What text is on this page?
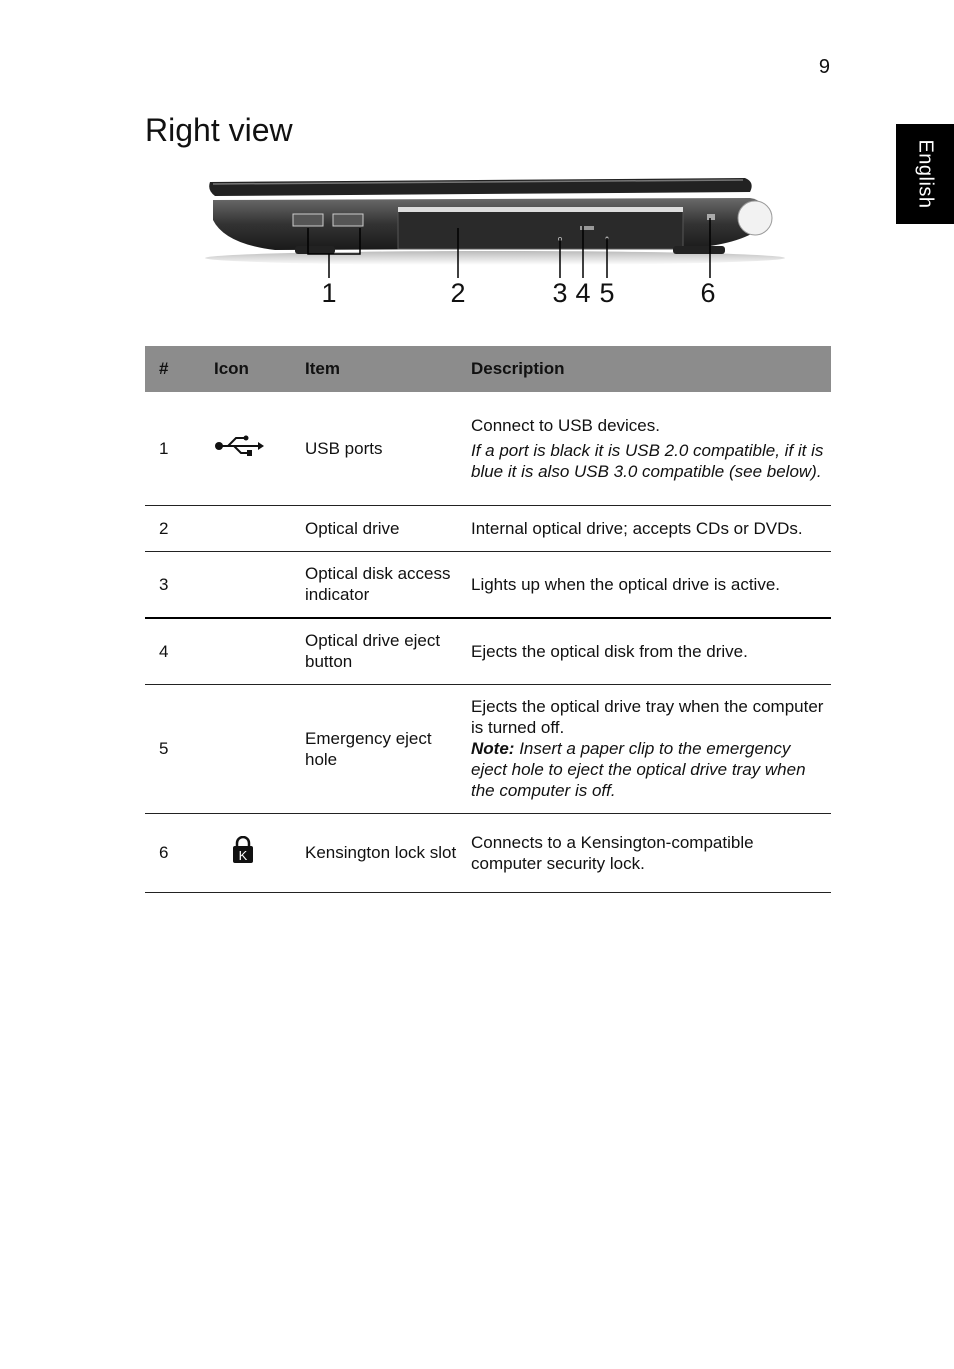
9
English
Right view
1	2	3 4 5	6
#	Icon	Item	Description
1		USB ports	Connect to USB devices.
If a port is black it is USB 2.0 compatible, if it is blue it is also USB 3.0 compatible (see below).

2		Optical drive	Internal optical drive; accepts CDs or DVDs.
3		Optical disk access indicator	Lights up when the optical drive is active.
4		Optical drive eject button	Ejects the optical disk from the drive.
5		Emergency eject hole	Ejects the optical drive tray when the computer is turned off.
Note: Insert a paper clip to the emergency eject hole to eject the optical drive tray when the computer is off.
6	K	Kensington lock slot	Connects to a Kensington-compatible computer security lock.
